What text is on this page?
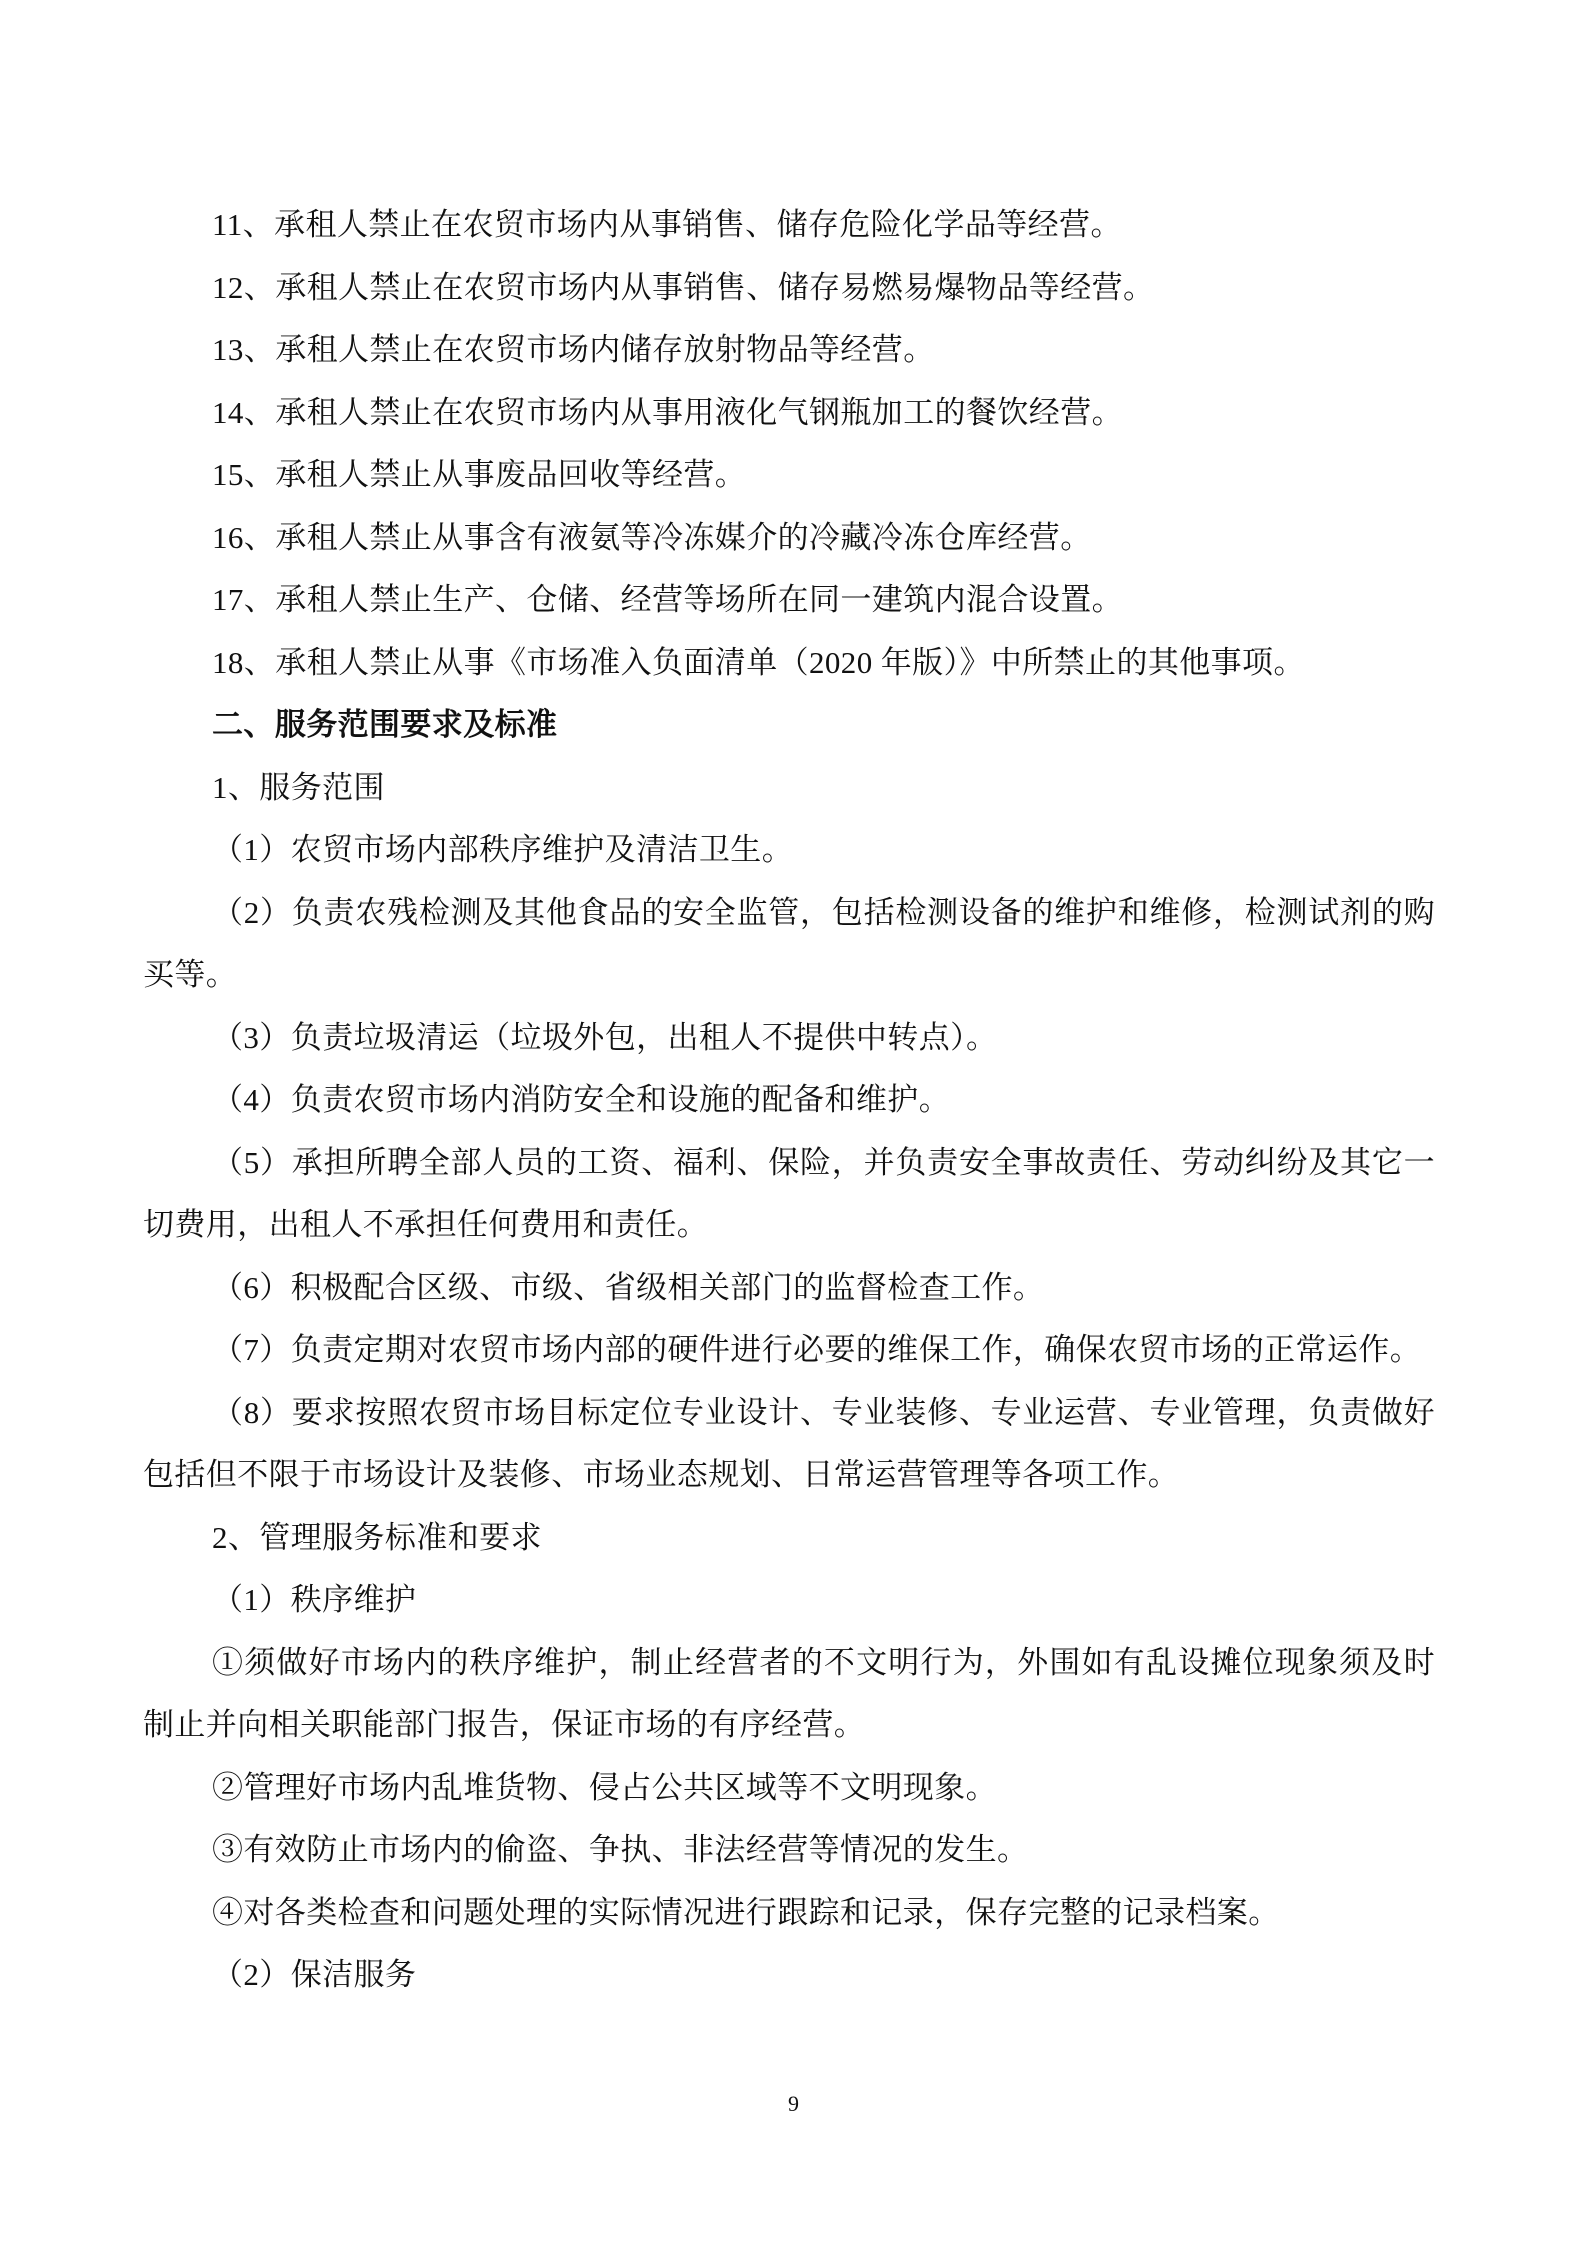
11、承租人禁止在农贸市场内从事销售、储存危险化学品等经营。
12、承租人禁止在农贸市场内从事销售、储存易燃易爆物品等经营。
13、承租人禁止在农贸市场内储存放射物品等经营。
14、承租人禁止在农贸市场内从事用液化气钢瓶加工的餐饮经营。
15、承租人禁止从事废品回收等经营。
16、承租人禁止从事含有液氨等冷冻媒介的冷藏冷冻仓库经营。
17、承租人禁止生产、仓储、经营等场所在同一建筑内混合设置。
18、承租人禁止从事《市场准入负面清单（2020 年版）》中所禁止的其他事项。
二、服务范围要求及标准
1、服务范围
（1）农贸市场内部秩序维护及清洁卫生。
（2）负责农残检测及其他食品的安全监管，包括检测设备的维护和维修，检测试剂的购
买等。
（3）负责垃圾清运（垃圾外包，出租人不提供中转点）。
（4）负责农贸市场内消防安全和设施的配备和维护。
（5）承担所聘全部人员的工资、福利、保险，并负责安全事故责任、劳动纠纷及其它一
切费用，出租人不承担任何费用和责任。
（6）积极配合区级、市级、省级相关部门的监督检查工作。
（7）负责定期对农贸市场内部的硬件进行必要的维保工作，确保农贸市场的正常运作。
（8）要求按照农贸市场目标定位专业设计、专业装修、专业运营、专业管理，负责做好
包括但不限于市场设计及装修、市场业态规划、日常运营管理等各项工作。
2、管理服务标准和要求
（1）秩序维护
①须做好市场内的秩序维护，制止经营者的不文明行为，外围如有乱设摊位现象须及时
制止并向相关职能部门报告，保证市场的有序经营。
②管理好市场内乱堆货物、侵占公共区域等不文明现象。
③有效防止市场内的偷盗、争执、非法经营等情况的发生。
④对各类检查和问题处理的实际情况进行跟踪和记录，保存完整的记录档案。
（2）保洁服务
9
